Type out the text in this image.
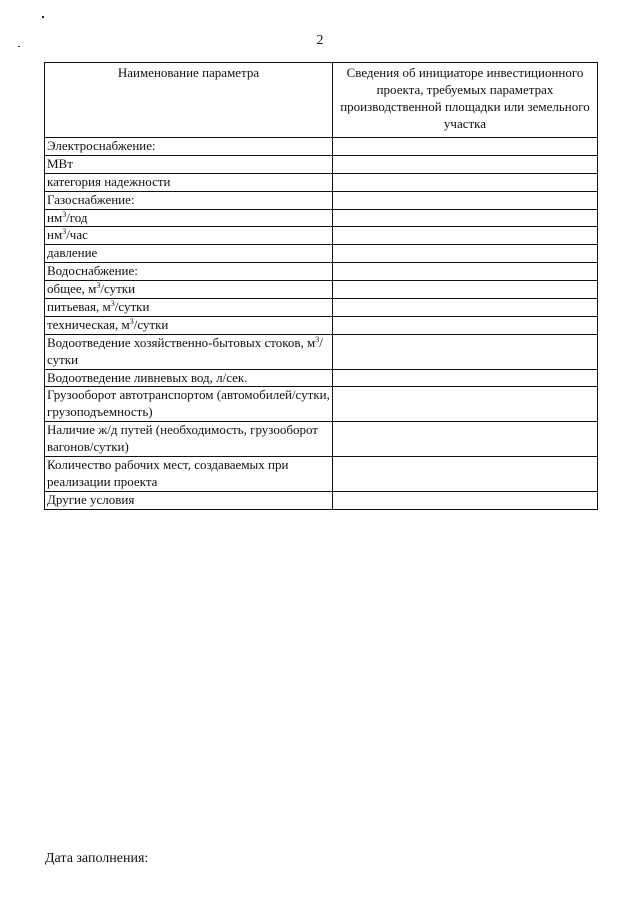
2
Наименование параметра	Сведения об инициаторе инвестиционного проекта, требуемых параметрах производственной площадки или земельного участка
Электроснабжение:	
МВт	
категория надежности	
Газоснабжение:	
$нм^3$/год	
$нм^3$/час	
давление	
Водоснабжение:	
общее, $м^3$/сутки	
питьевая, $м^3$/сутки	
техническая, $м^3$/сутки	
Водоотведение хозяйственно-бытовых стоков, $м^3$/сутки	
Водоотведение ливневых вод, л/сек.	
Грузооборот автотранспортом (автомобилей/сутки, грузоподъемность)	
Наличие ж/д путей (необходимость, грузооборот вагонов/сутки)	
Количество рабочих мест, создаваемых при реализации проекта	
Другие условия	
Дата заполнения:
